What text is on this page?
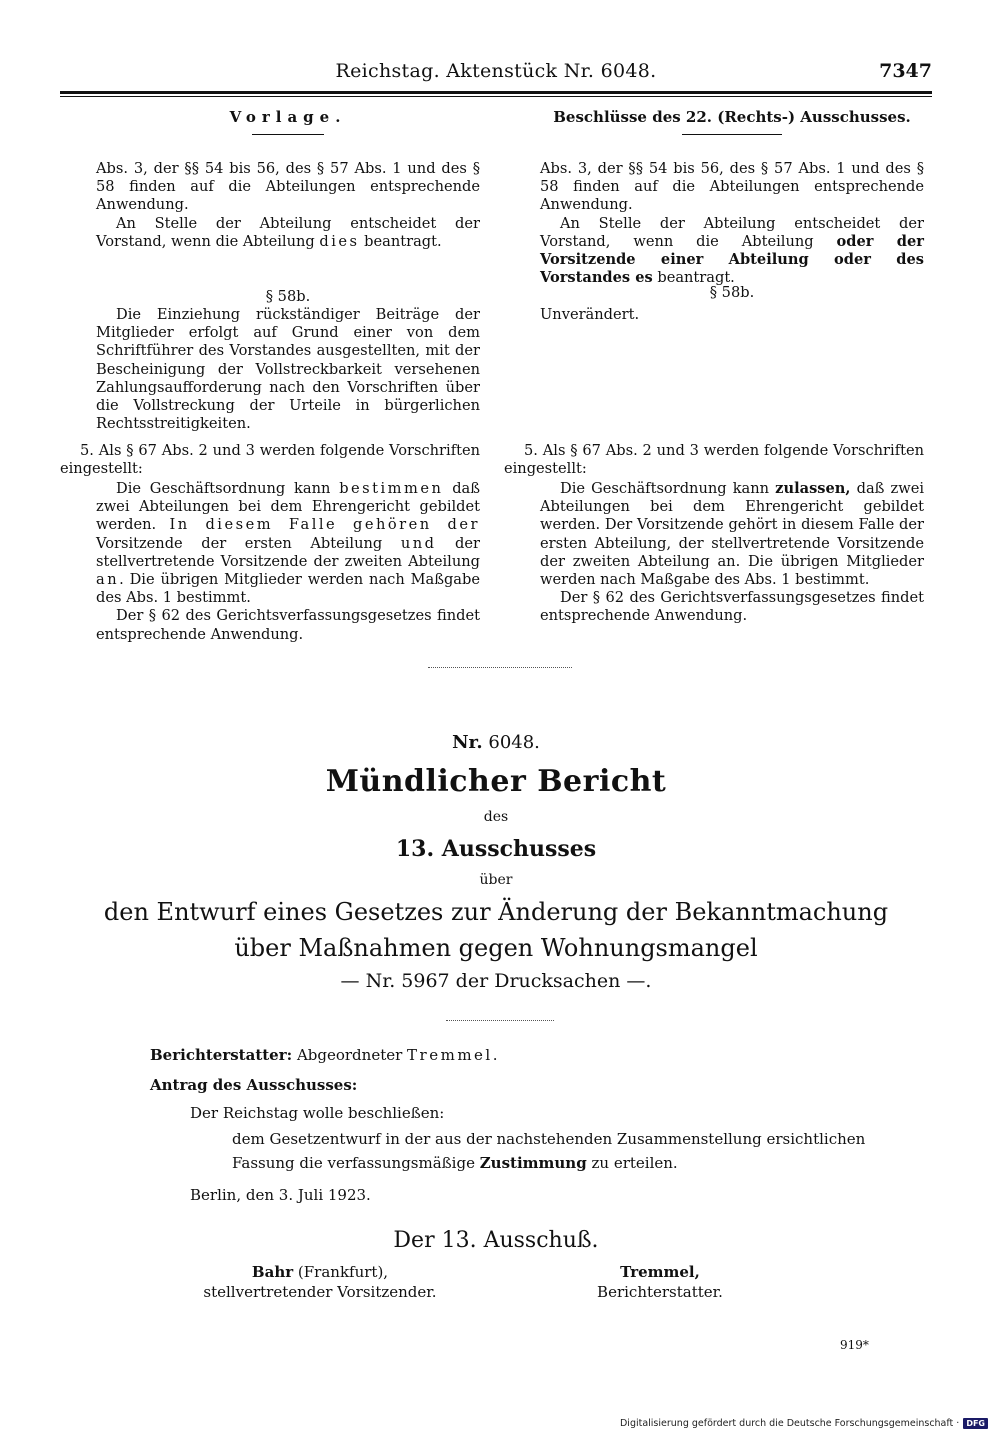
Reichstag. Aktenstück Nr. 6048.	7347
Vorlage.
Abs. 3, der §§ 54 bis 56, des § 57 Abs. 1 und des § 58 finden auf die Abteilungen entsprechende Anwendung.
An Stelle der Abteilung entscheidet der Vorstand, wenn die Abteilung dies beantragt.
§ 58b.
Die Einziehung rückständiger Beiträge der Mitglieder erfolgt auf Grund einer von dem Schriftführer des Vorstandes ausgestellten, mit der Bescheinigung der Vollstreckbarkeit versehenen Zahlungsaufforderung nach den Vorschriften über die Vollstreckung der Urteile in bürgerlichen Rechtsstreitigkeiten.
5. Als § 67 Abs. 2 und 3 werden folgende Vorschriften eingestellt:
Die Geschäftsordnung kann bestimmen daß zwei Abteilungen bei dem Ehrengericht gebildet werden. In diesem Falle gehören der Vorsitzende der ersten Abteilung und der stellvertretende Vorsitzende der zweiten Abteilung an. Die übrigen Mitglieder werden nach Maßgabe des Abs. 1 bestimmt.
Der § 62 des Gerichtsverfassungsgesetzes findet entsprechende Anwendung.
Beschlüsse des 22. (Rechts-) Ausschusses.
Abs. 3, der §§ 54 bis 56, des § 57 Abs. 1 und des § 58 finden auf die Abteilungen entsprechende Anwendung.
An Stelle der Abteilung entscheidet der Vorstand, wenn die Abteilung oder der Vorsitzende einer Abteilung oder des Vorstandes es beantragt.
§ 58b.
Unverändert.
5. Als § 67 Abs. 2 und 3 werden folgende Vorschriften eingestellt:
Die Geschäftsordnung kann zulassen, daß zwei Abteilungen bei dem Ehrengericht gebildet werden. Der Vorsitzende gehört in diesem Falle der ersten Abteilung, der stellvertretende Vorsitzende der zweiten Abteilung an. Die übrigen Mitglieder werden nach Maßgabe des Abs. 1 bestimmt.
Der § 62 des Gerichtsverfassungsgesetzes findet entsprechende Anwendung.
Nr. 6048.
Mündlicher Bericht
des
13. Ausschusses
über
den Entwurf eines Gesetzes zur Änderung der Bekanntmachung
über Maßnahmen gegen Wohnungsmangel
— Nr. 5967 der Drucksachen —.
Berichterstatter: Abgeordneter Tremmel.
Antrag des Ausschusses:
Der Reichstag wolle beschließen:
dem Gesetzentwurf in der aus der nachstehenden Zusammenstellung ersichtlichen
Fassung die verfassungsmäßige Zustimmung zu erteilen.
Berlin, den 3. Juli 1923.
Der 13. Ausschuß.
Bahr (Frankfurt),
stellvertretender Vorsitzender.
Tremmel,
Berichterstatter.
919*
Digitalisierung gefördert durch die Deutsche Forschungsgemeinschaft · DFG
